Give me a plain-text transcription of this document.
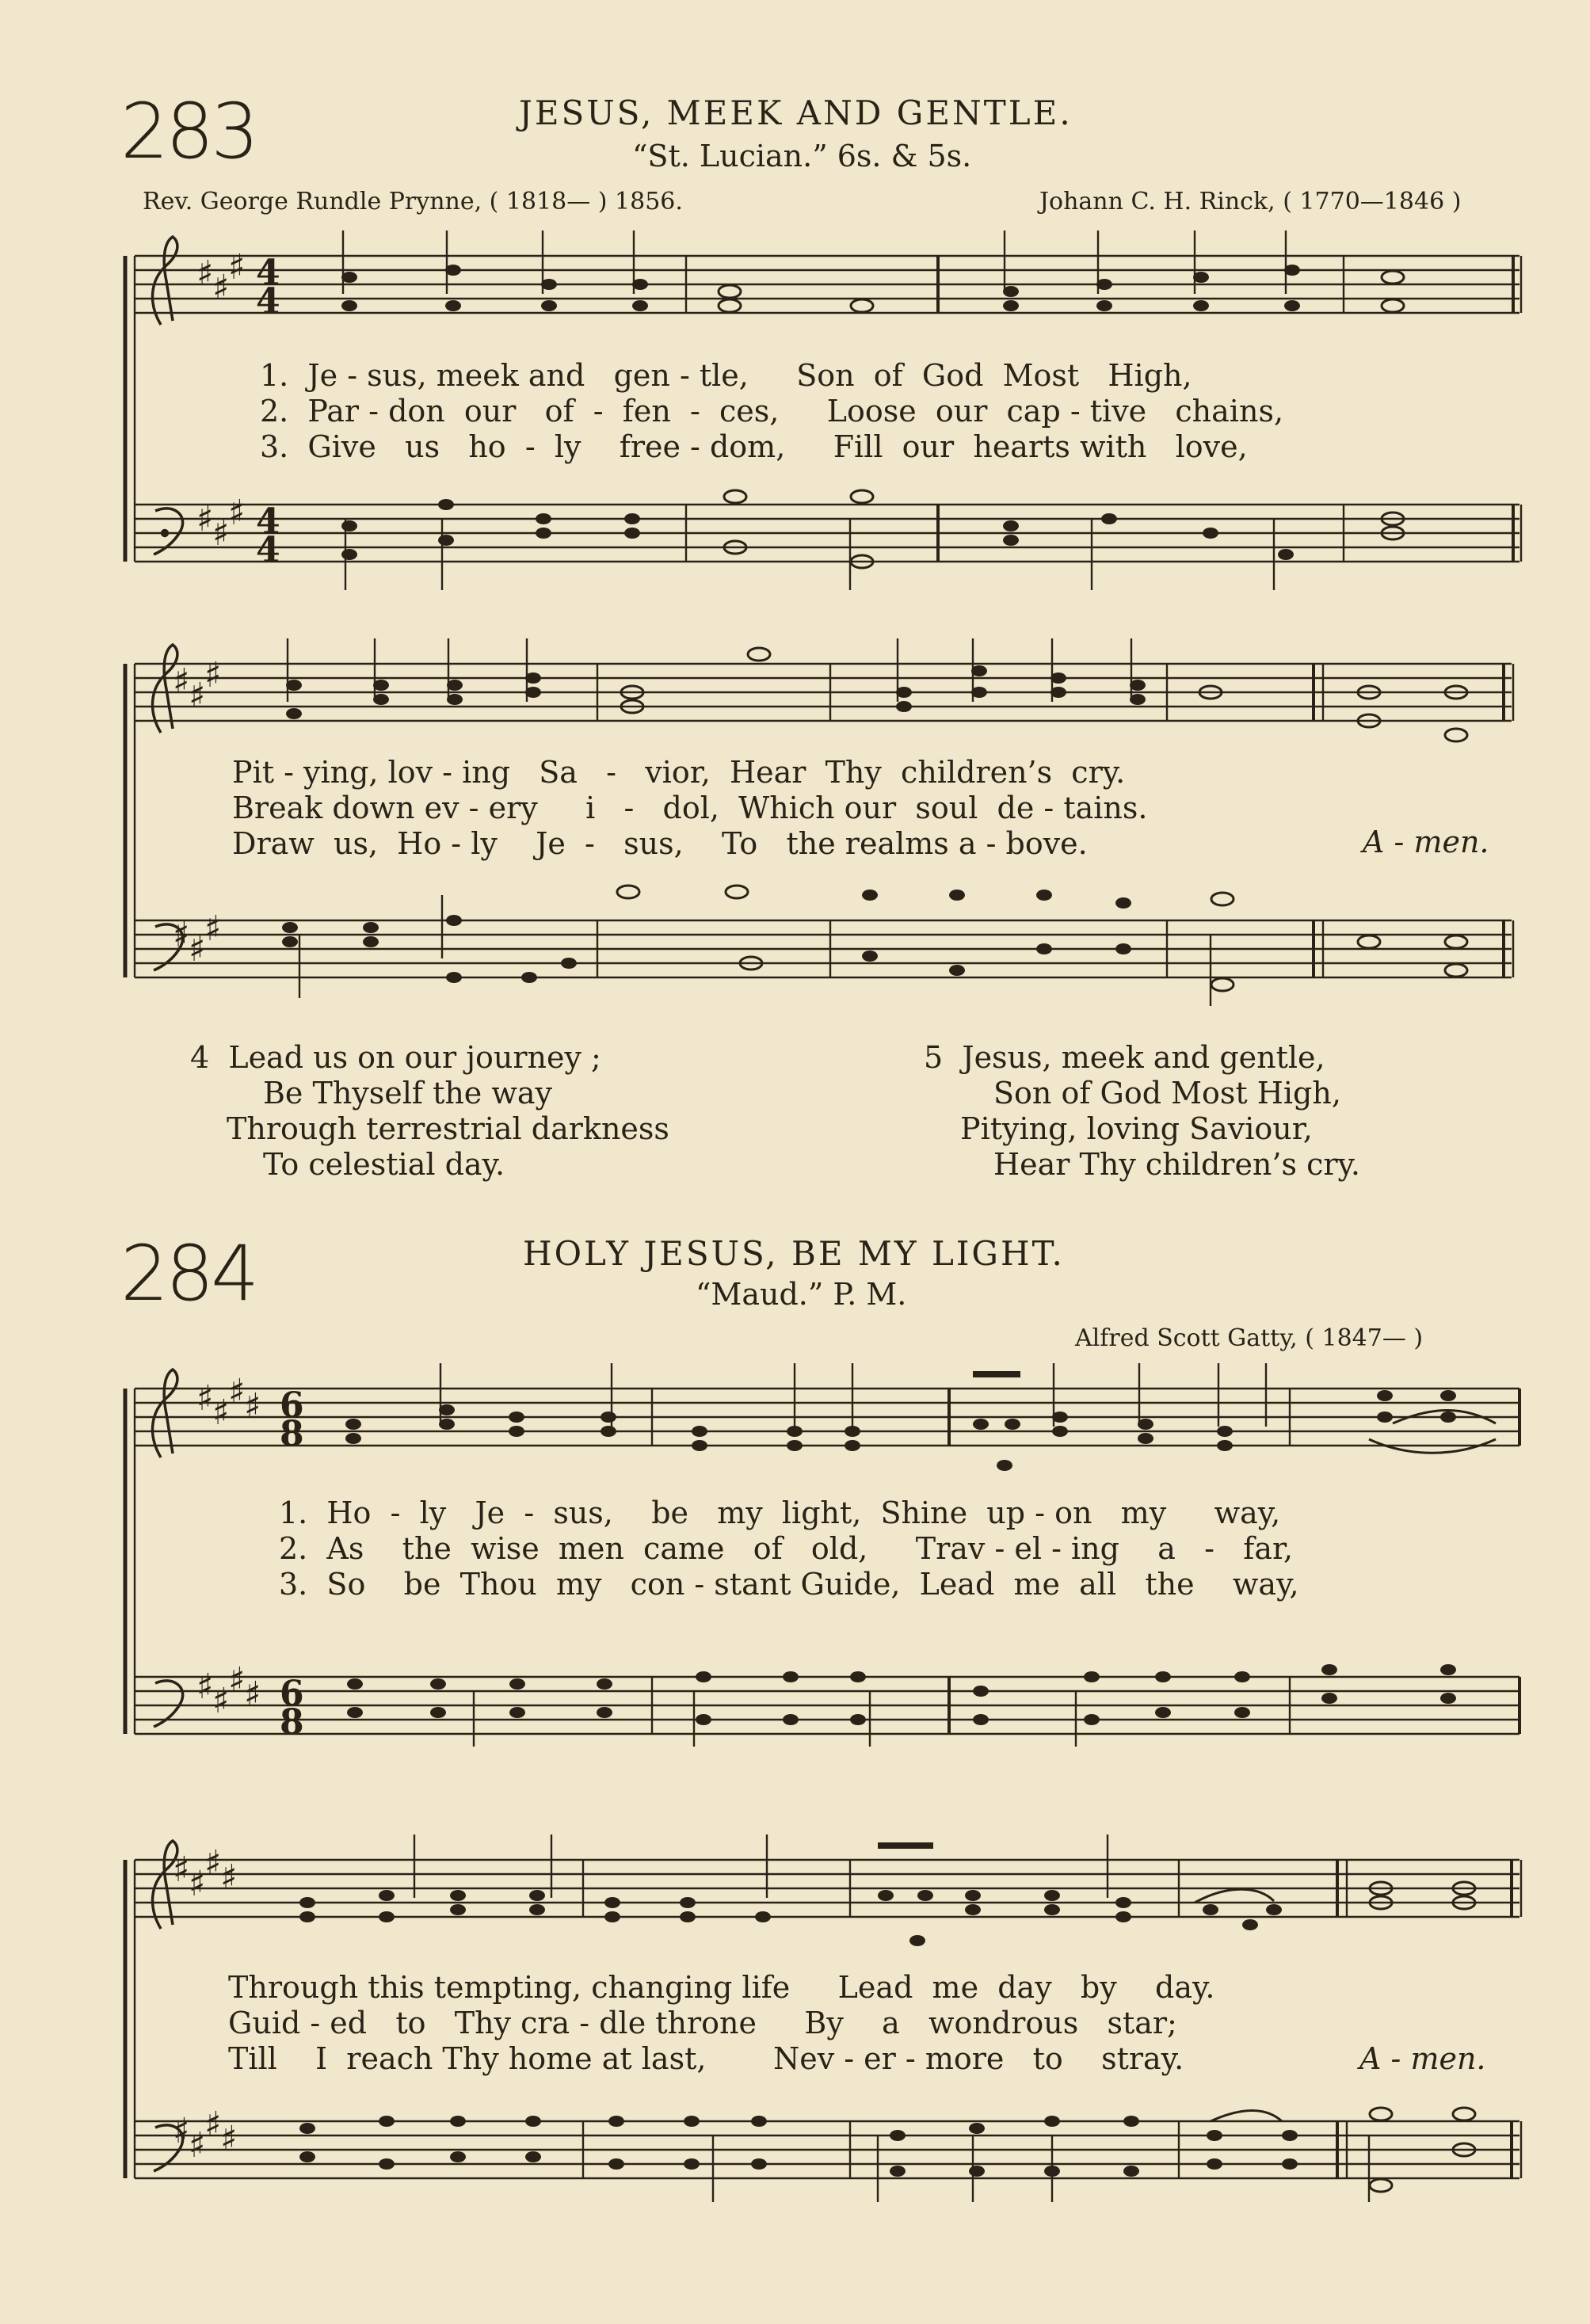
283	JESUS, MEEK AND GENTLE.
“St. Lucian.” 6s. & 5s.
Rev. George Rundle Prynne, ( 1818— ) 1856.	Johann C. H. Rinck, ( 1770—1846 )
♯
♯
♯
♯
♯
♯
4
4
4
4
1.  Je - sus, meek and   gen - tle,     Son  of  God  Most   High,
2.  Par - don  our   of  -  fen  -  ces,     Loose  our  cap - tive   chains,
3.  Give   us   ho  -  ly    free - dom,     Fill  our  hearts with   love,
♯
♯
♯
♯
♯
♯
Pit - ying, lov - ing   Sa   -   vior,  Hear  Thy  children’s  cry.
Break down ev - ery     i   -   dol,  Which our  soul  de - tains.
Draw  us,  Ho - ly    Je  -   sus,    To   the realms a - bove.	A - men.
4  Lead us on our journey ;
Be Thyself the way
Through terrestrial darkness
To celestial day.
5  Jesus, meek and gentle,
Son of God Most High,
Pitying, loving Saviour,
Hear Thy children’s cry.
284	HOLY JESUS, BE MY LIGHT.
“Maud.” P. M.
Alfred Scott Gatty, ( 1847— )
♯
♯
♯
♯
♯
♯
♯
♯
6
8
6
8
1.  Ho  -  ly   Je  -  sus,    be   my  light,  Shine  up - on   my     way,
2.  As    the  wise  men  came   of   old,     Trav - el - ing    a   -   far,
3.  So    be  Thou  my   con - stant Guide,  Lead  me  all   the    way,
♯
♯
♯
♯
♯
♯
♯
♯
Through this tempting, changing life     Lead  me  day   by    day.
Guid - ed   to   Thy cra - dle throne     By    a   wondrous   star;
Till    I  reach Thy home at last,       Nev - er - more   to    stray.	A - men.
